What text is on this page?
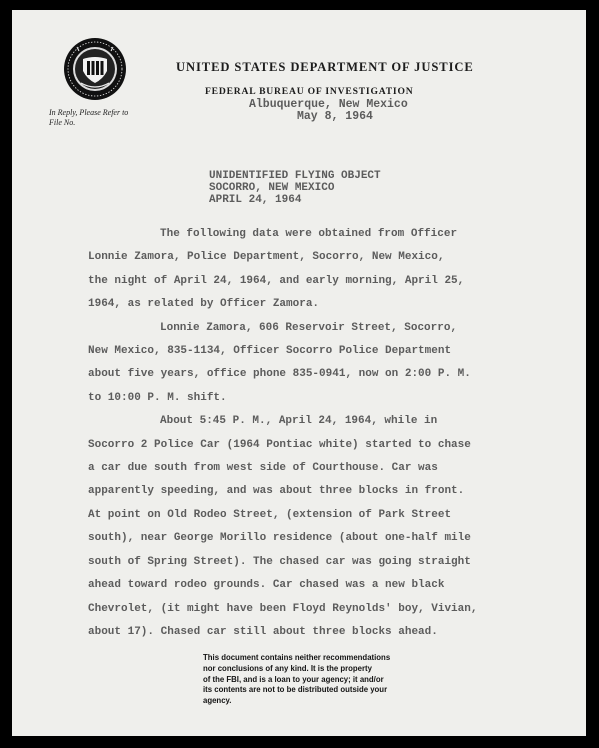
UNITED STATES DEPARTMENT OF JUSTICE
FEDERAL BUREAU OF INVESTIGATION
Albuquerque, New Mexico
May 8, 1964
In Reply, Please Refer to
File No.
UNIDENTIFIED FLYING OBJECT
SOCORRO, NEW MEXICO
APRIL 24, 1964
The following data were obtained from Officer
Lonnie Zamora, Police Department, Socorro, New Mexico,
the night of April 24, 1964, and early morning, April 25,
1964, as related by Officer Zamora.
Lonnie Zamora, 606 Reservoir Street, Socorro,
New Mexico, 835-1134, Officer Socorro Police Department
about five years, office phone 835-0941, now on 2:00 P. M.
to 10:00 P. M. shift.
About 5:45 P. M., April 24, 1964, while in
Socorro 2 Police Car (1964 Pontiac white) started to chase
a car due south from west side of Courthouse. Car was
apparently speeding, and was about three blocks in front.
At point on Old Rodeo Street, (extension of Park Street
south), near George Morillo residence (about one-half mile
south of Spring Street). The chased car was going straight
ahead toward rodeo grounds. Car chased was a new black
Chevrolet, (it might have been Floyd Reynolds' boy, Vivian,
about 17). Chased car still about three blocks ahead.
This document contains neither recommendations
nor conclusions of any kind. It is the property
of the FBI, and is a loan to your agency; it and/or
its contents are not to be distributed outside your
agency.
